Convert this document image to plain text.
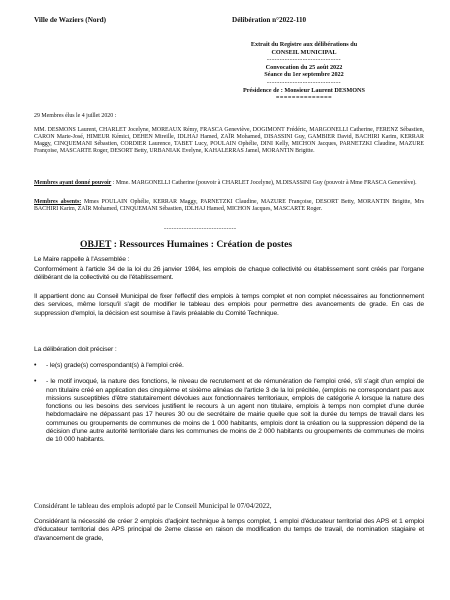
Ville de Waziers (Nord)	Délibération n°2022-110
Extrait du Registre aux délibérations du
CONSEIL MUNICIPAL
-----------------------------
Convocation du 25 août 2022
Séance du 1er septembre 2022
-----------------------------
Présidence de : Monsieur Laurent DESMONS
==============
29 Membres élus le 4 juillet 2020 :
MM. DESMONS Laurent, CHARLET Jocelyne, MOREAUX Rémy, FRASCA Geneviève, DOGIMONT Frédéric, MARGONELLI Catherine, FERENZ Sébastien, CARON Marie-José, HIMEUR Kémici, DEHEN Mireille, IDLHAJ Hamed, ZAÏR Mohamed, DISASSINI Guy, GAMBIER David, BACHIRI Karim, KERRAR Maggy, CINQUEMANI Sébastien, CORDIER Laurence, TABET Lucy, POULAIN Ophélie, DINI Kelly, MICHON Jacques, PARNETZKI Claudine, MAZURE Françoise, MASCARTE Roger, DESORT Betty, URBANIAK Evelyne, KAHALERRAS Jamel, MORANTIN Brigitte.
Membres ayant donné pouvoir : Mme. MARGONELLI Catherine (pouvoir à CHARLET Jocelyne), M.DISASSINI Guy (pouvoir à Mme FRASCA Geneviève).
Membres absents: Mmes POULAIN Ophélie, KERRAR Maggy, PARNETZKI Claudine, MAZURE Françoise, DESORT Betty, MORANTIN Brigitte, Mrs BACHIRI Karim, ZAÏR Mohamed, CINQUEMANI Sébastien, IDLHAJ Hamed, MICHON Jacques, MASCARTE Roger.
-----------------------------
OBJET : Ressources Humaines : Création de postes
Le Maire rappelle à l'Assemblée :
Conformément à l'article 34 de la loi du 26 janvier 1984, les emplois de chaque collectivité ou établissement sont créés par l'organe délibérant de la collectivité ou de l'établissement.
Il appartient donc au Conseil Municipal de fixer l'effectif des emplois à temps complet et non complet nécessaires au fonctionnement des services, même lorsqu'il s'agit de modifier le tableau des emplois pour permettre des avancements de grade. En cas de suppression d'emploi, la décision est soumise à l'avis préalable du Comité Technique.
La délibération doit préciser :
• - le(s) grade(s) correspondant(s) à l'emploi créé.
• - le motif invoqué, la nature des fonctions, le niveau de recrutement et de rémunération de l'emploi créé, s'il s'agit d'un emploi de non titulaire créé en application des cinquième et sixième alinéas de l'article 3 de la loi précitée, (emplois ne correspondant pas aux missions susceptibles d'être statutairement dévolues aux fonctionnaires territoriaux, emplois de catégorie A lorsque la nature des fonctions ou les besoins des services justifient le recours à un agent non titulaire, emplois à temps non complet d'une durée hebdomadaire ne dépassant pas 17 heures 30 ou de secrétaire de mairie quelle que soit la durée du temps de travail dans les communes ou groupements de communes de moins de 1 000 habitants, emplois dont la création ou la suppression dépend de la décision d'une autre autorité territoriale dans les communes de moins de 2 000 habitants ou groupements de communes de moins de 10 000 habitants.
Considérant le tableau des emplois adopté par le Conseil Municipal le 07/04/2022,
Considérant la nécessité de créer 2 emplois d'adjoint technique à temps complet, 1 emploi d'éducateur territorial des APS et 1 emploi d'éducateur territorial des APS principal de 2eme classe en raison de modification du temps de travail, de nomination stagiaire et d'avancement de grade,
